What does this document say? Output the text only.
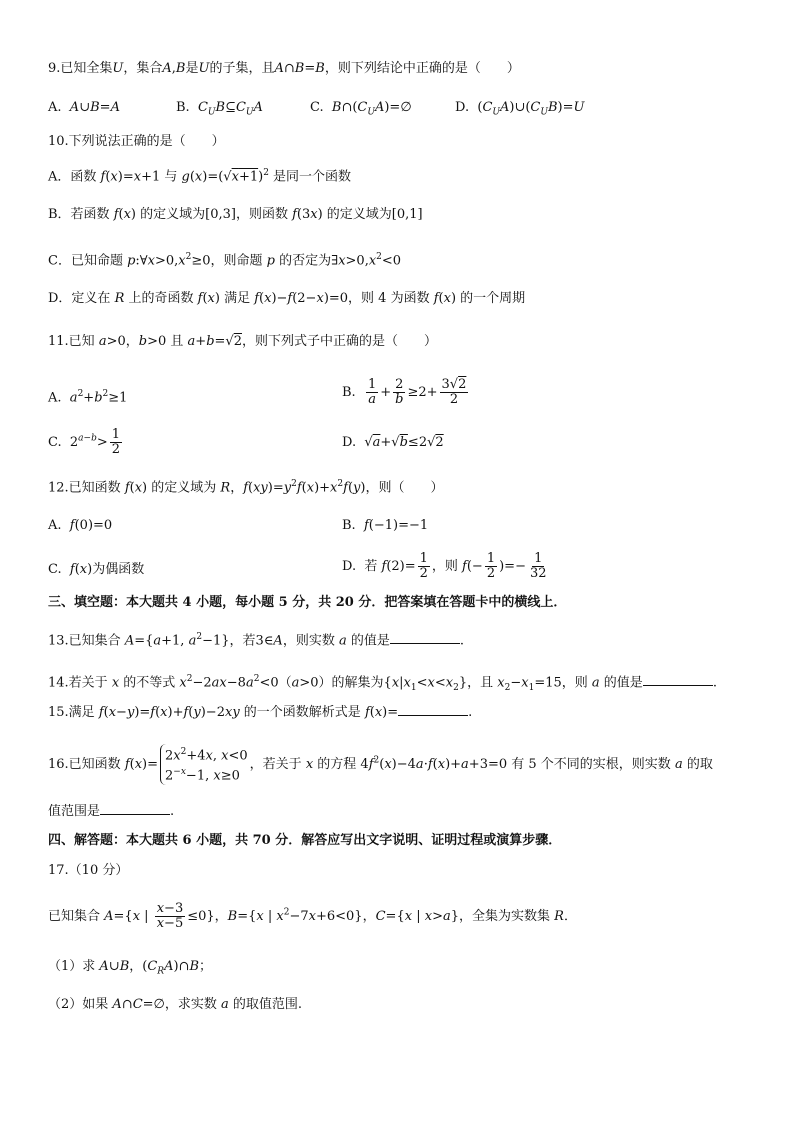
9.已知全集U，集合A,B是U的子集，且A∩B=B，则下列结论中正确的是（　　）
A.  A∪B=A	B.  $C_UB⊆C_UA$	C.  $B\cap(C_UA)=\emptyset$	D.  $(C_UA)\cup(C_UB)=U$
10.下列说法正确的是（　　）
A．函数 f(x)=x+1 与 $g(x)=(√x+1)^2$ 是同一个函数
B．若函数 f(x) 的定义域为[0,3]，则函数 f(3x) 的定义域为[0,1]
C．已知命题 $p:\forall x>0,x^2\ge 0$，则命题 p 的否定为$\exists x>0,x^2<0$
D．定义在 R 上的奇函数 f(x) 满足 f(x)−f(2−x)=0，则 4 为函数 f(x) 的一个周期
11.已知 a>0，b>0 且 a+b=√2，则下列式子中正确的是（　　）
A.  $a^2+b^2\ge 1$	B. $\frac{1}{a} + \frac{2}{b} \ge 2+ \frac{3√2}{2}$
C.  $2^{a-b}> \frac{1}{2}$	D.  √a+√b≤2√2
12.已知函数 f(x) 的定义域为 R，$f(xy)=y^2f(x)+x^2f(y)$，则（　　）
A.  f(0)=0	B.  f(−1)=−1
C.  f(x)为偶函数	D.  若 $f(2)= \frac{1}{2}$ ，则 $f(- \frac{1}{2}$ )=− $\frac{1}{32}$
三、填空题：本大题共 4 小题，每小题 5 分，共 20 分．把答案填在答题卡中的横线上．
13.已知集合 A={a+1, $a^2-1$}，若3∈A，则实数 a 的值是	.
14.若关于 x 的不等式 $x^2-2ax-8a^2<0(a>0)$的解集为$\{x|x_1<x<x_2\}$，且 $x_2-x_1=15$，则 a 的值是	.
15.满足 f(x−y)=f(x)+f(y)−2xy 的一个函数解析式是 f(x)=	.
16.已知函数 f(x)=
$2x^2+4x$, x<0
$2^{-x}-1$, x≥0
，若关于 x 的方程 $4f^2(x)-4a\cdot f(x)+a+3=0$ 有 5 个不同的实根，则实数 a 的取
值范围是	.
四、解答题：本大题共 6 小题，共 70 分．解答应写出文字说明、证明过程或演算步骤．
17.（10 分）
已知集合 A={x | $\frac{x-3}{x-5} \le 0$}，B={x | $x^2-7x+6<0$}，C={x | x>a}，全集为实数集 R．
（1）求 A∪B，$(C_RA)\cap B$；
（2）如果 A∩C=∅，求实数 a 的取值范围.
